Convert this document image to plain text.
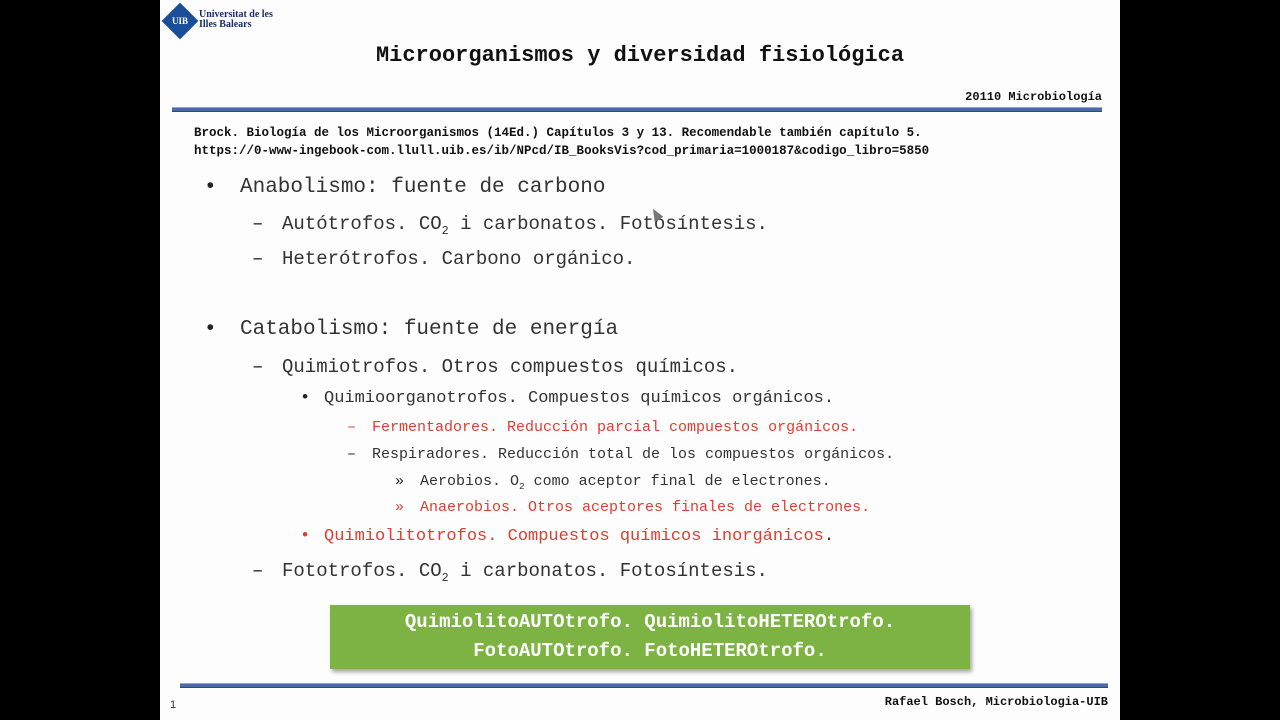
UIB
Universitat de les Illes Balears
Microorganismos y diversidad fisiológica
20110 Microbiología
Brock. Biología de los Microorganismos (14Ed.) Capítulos 3 y 13. Recomendable también capítulo 5.
https://0-www-ingebook-com.llull.uib.es/ib/NPcd/IB_BooksVis?cod_primaria=1000187&codigo_libro=5850
• Anabolismo: fuente de carbono
– Autótrofos. $CO_2$ i carbonatos. Fotosíntesis.
– Heterótrofos. Carbono orgánico.
• Catabolismo: fuente de energía
– Quimiotrofos. Otros compuestos químicos.
• Quimioorganotrofos. Compuestos químicos orgánicos.
– Fermentadores. Reducción parcial compuestos orgánicos.
– Respiradores. Reducción total de los compuestos orgánicos.
» Aerobios. $O_2$ como aceptor final de electrones.
» Anaerobios. Otros aceptores finales de electrones.
• Quimiolitotrofos. Compuestos químicos inorgánicos.
– Fototrofos. $CO_2$ i carbonatos. Fotosíntesis.
QuimiolitoAUTOtrofo. QuimiolitoHETEROtrofo.
FotoAUTOtrofo. FotoHETEROtrofo.
1	Rafael Bosch, Microbiologia-UIB
